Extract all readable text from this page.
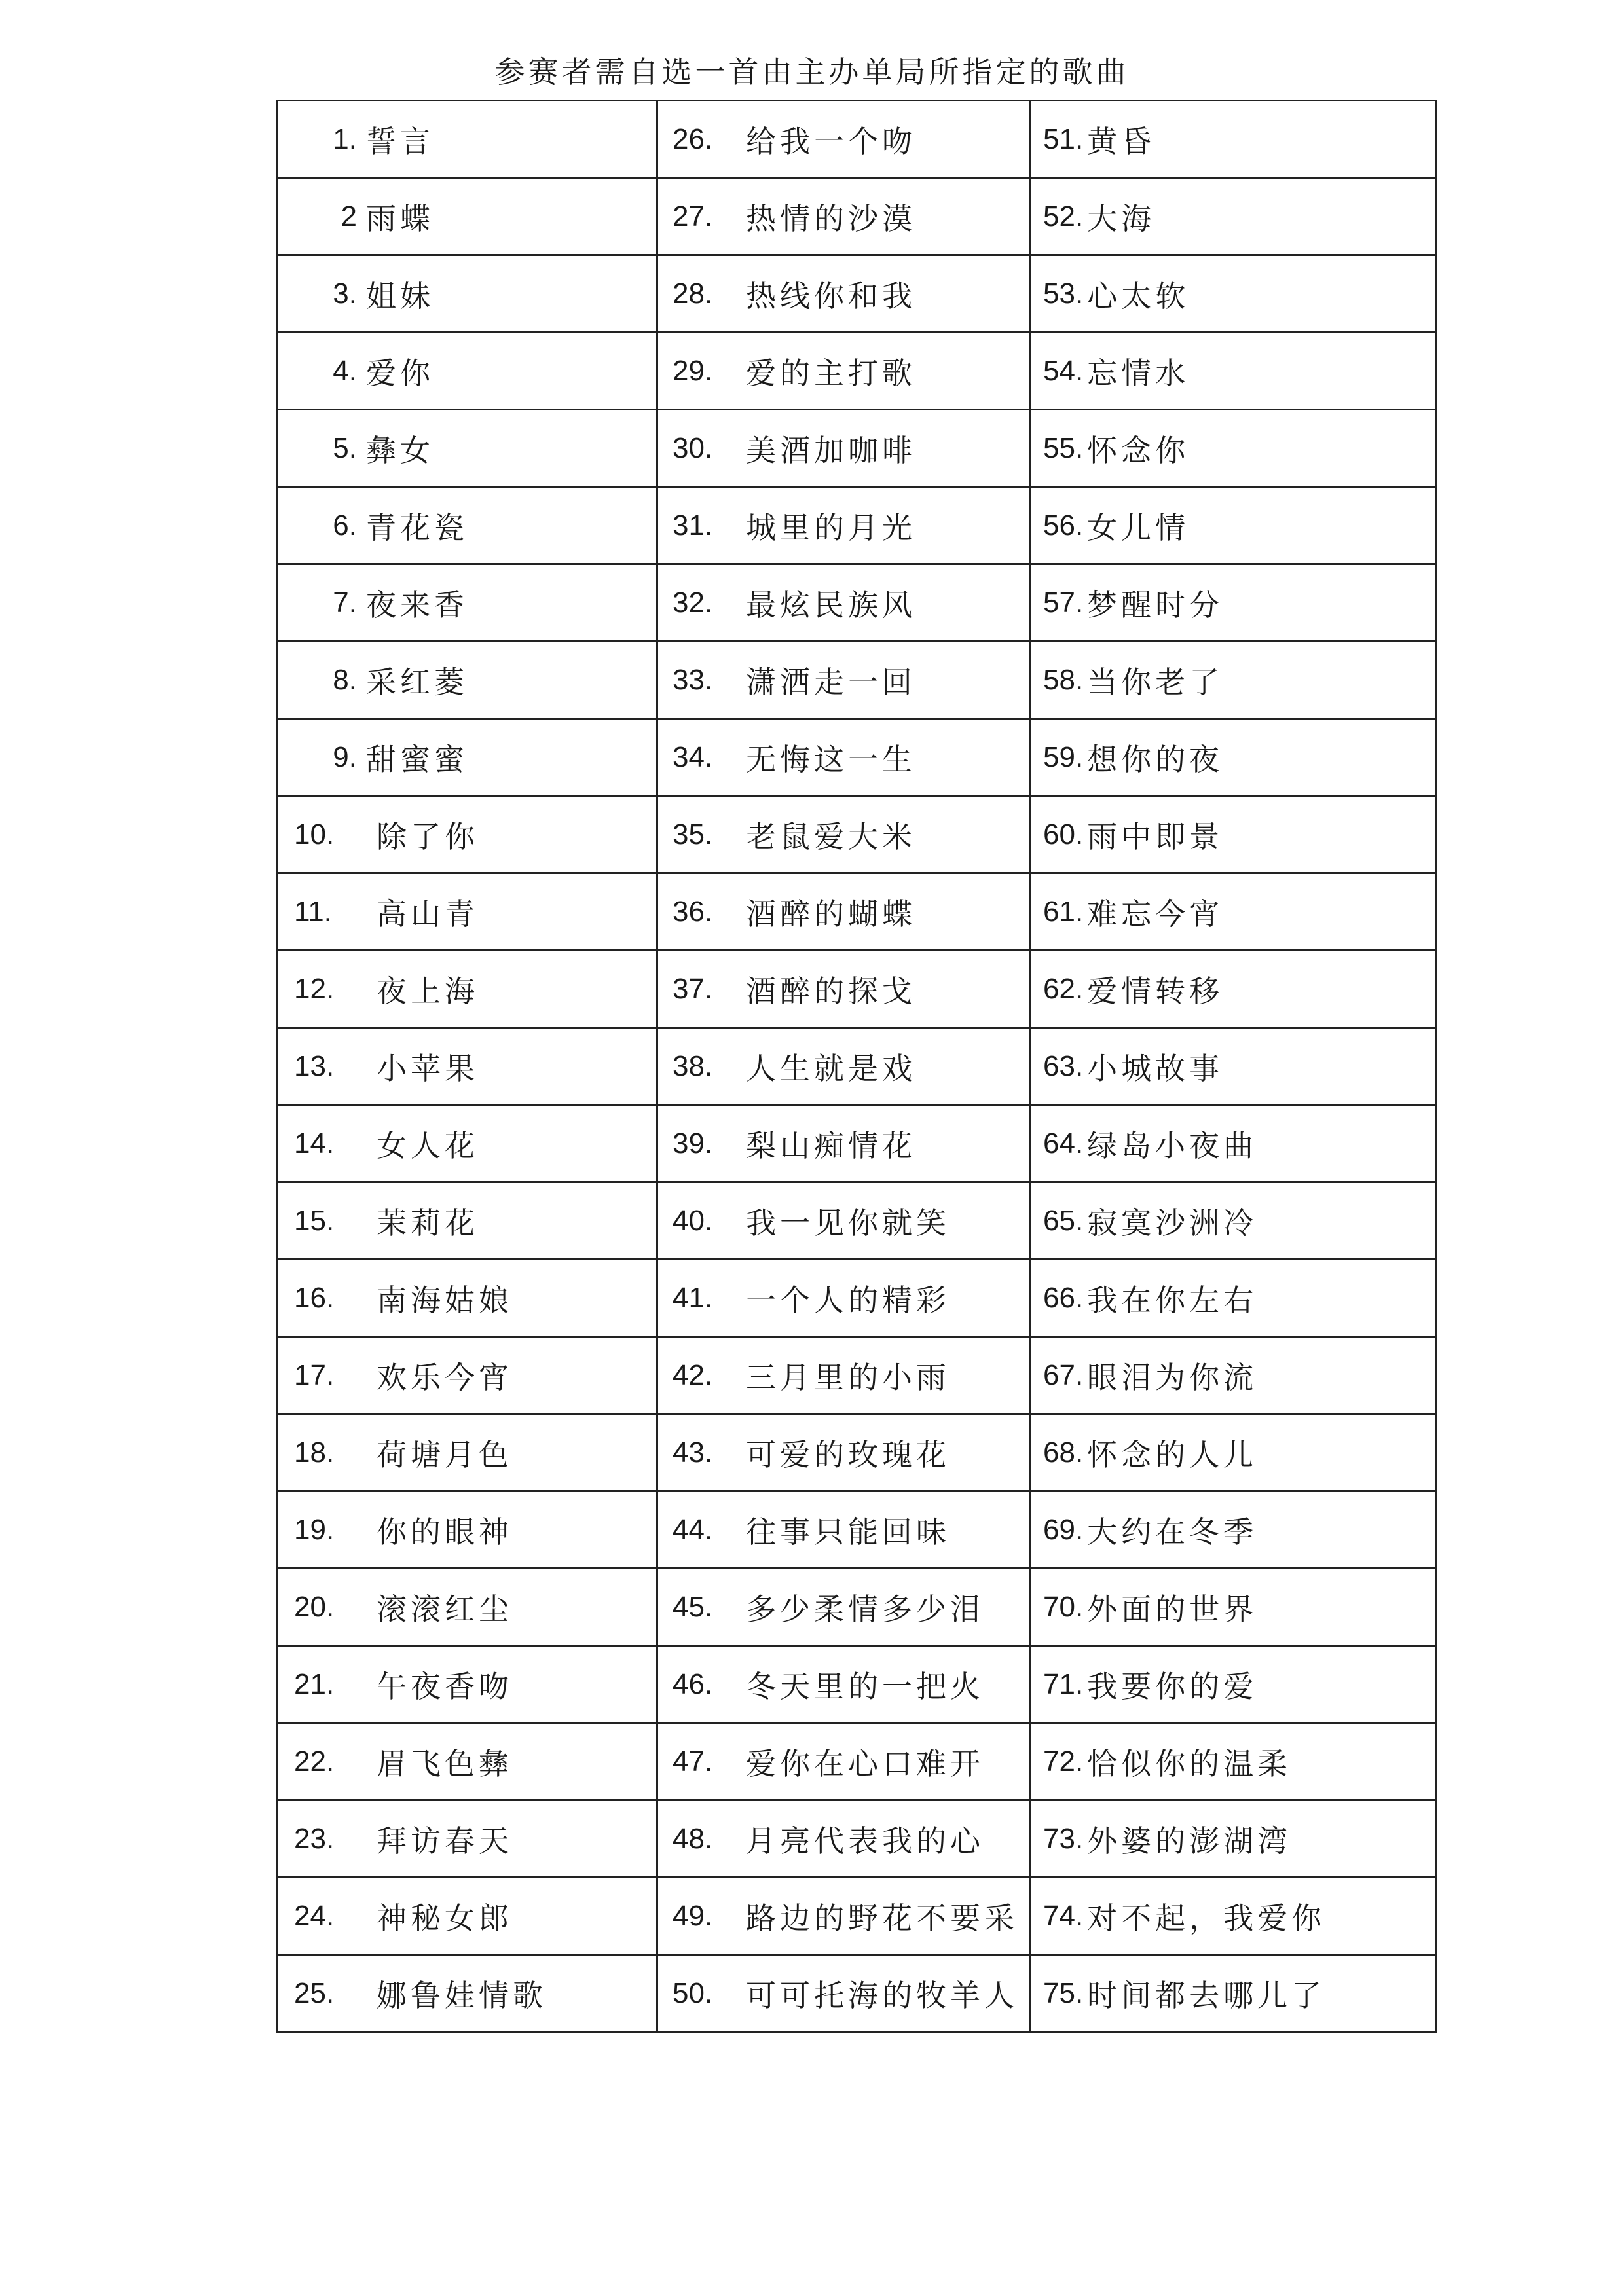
参赛者需自选一首由主办单局所指定的歌曲
1. 誓言	26. 给我一个吻	51. 黄昏

2 雨蝶	27. 热情的沙漠	52. 大海

3. 姐妹	28. 热线你和我	53. 心太软

4. 爱你	29. 爱的主打歌	54. 忘情水

5. 彝女	30. 美酒加咖啡	55. 怀念你

6. 青花瓷	31. 城里的月光	56. 女儿情

7. 夜来香	32. 最炫民族风	57. 梦醒时分

8. 采红菱	33. 潇洒走一回	58. 当你老了

9. 甜蜜蜜	34. 无悔这一生	59. 想你的夜

10. 除了你	35. 老鼠爱大米	60. 雨中即景

11. 高山青	36. 酒醉的蝴蝶	61. 难忘今宵

12. 夜上海	37. 酒醉的探戈	62. 爱情转移

13. 小苹果	38. 人生就是戏	63. 小城故事

14. 女人花	39. 梨山痴情花	64. 绿岛小夜曲

15. 茉莉花	40. 我一见你就笑	65. 寂寞沙洲冷

16. 南海姑娘	41. 一个人的精彩	66. 我在你左右

17. 欢乐今宵	42. 三月里的小雨	67. 眼泪为你流

18. 荷塘月色	43. 可爱的玫瑰花	68. 怀念的人儿

19. 你的眼神	44. 往事只能回味	69. 大约在冬季

20. 滚滚红尘	45. 多少柔情多少泪	70. 外面的世界

21. 午夜香吻	46. 冬天里的一把火	71. 我要你的爱

22. 眉飞色彝	47. 爱你在心口难开	72. 恰似你的温柔

23. 拜访春天	48. 月亮代表我的心	73. 外婆的澎湖湾

24. 神秘女郎	49. 路边的野花不要采	74. 对不起，我爱你

25. 娜鲁娃情歌	50. 可可托海的牧羊人	75. 时间都去哪儿了
